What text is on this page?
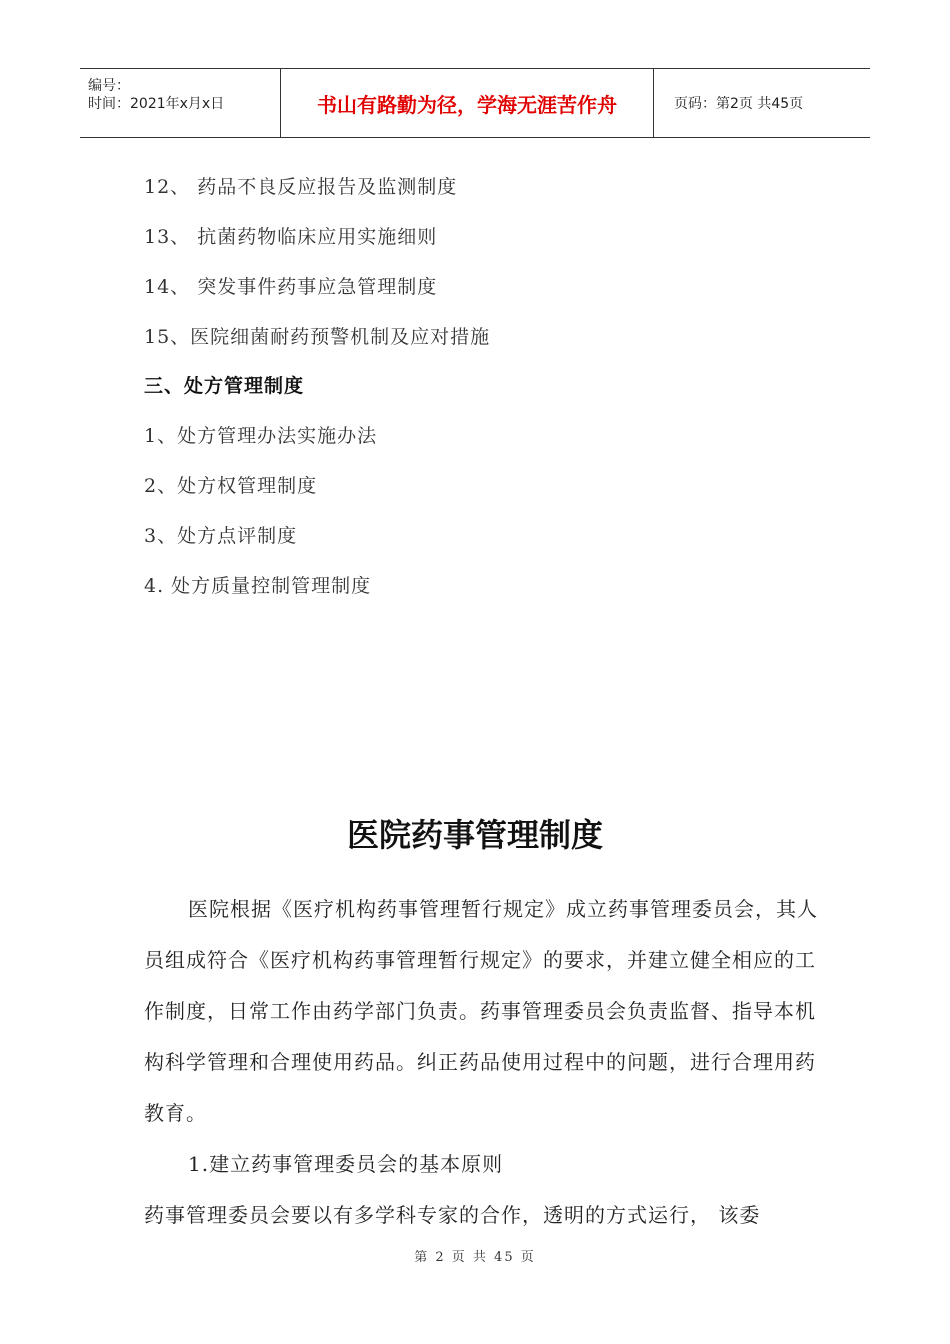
编号：
时间：2021年x月x日	书山有路勤为径，学海无涯苦作舟	页码：第2页 共45页
12、 药品不良反应报告及监测制度
13、 抗菌药物临床应用实施细则
14、 突发事件药事应急管理制度
15、医院细菌耐药预警机制及应对措施
三、处方管理制度
1、处方管理办法实施办法
2、处方权管理制度
3、处方点评制度
4. 处方质量控制管理制度
医院药事管理制度

医院根据《医疗机构药事管理暂行规定》成立药事管理委员会，其人员组成符合《医疗机构药事管理暂行规定》的要求，并建立健全相应的工作制度，日常工作由药学部门负责。药事管理委员会负责监督、指导本机构科学管理和合理使用药品。纠正药品使用过程中的问题，进行合理用药教育。

1.建立药事管理委员会的基本原则

药事管理委员会要以有多学科专家的合作，透明的方式运行， 该委

第 2 页 共 45 页
